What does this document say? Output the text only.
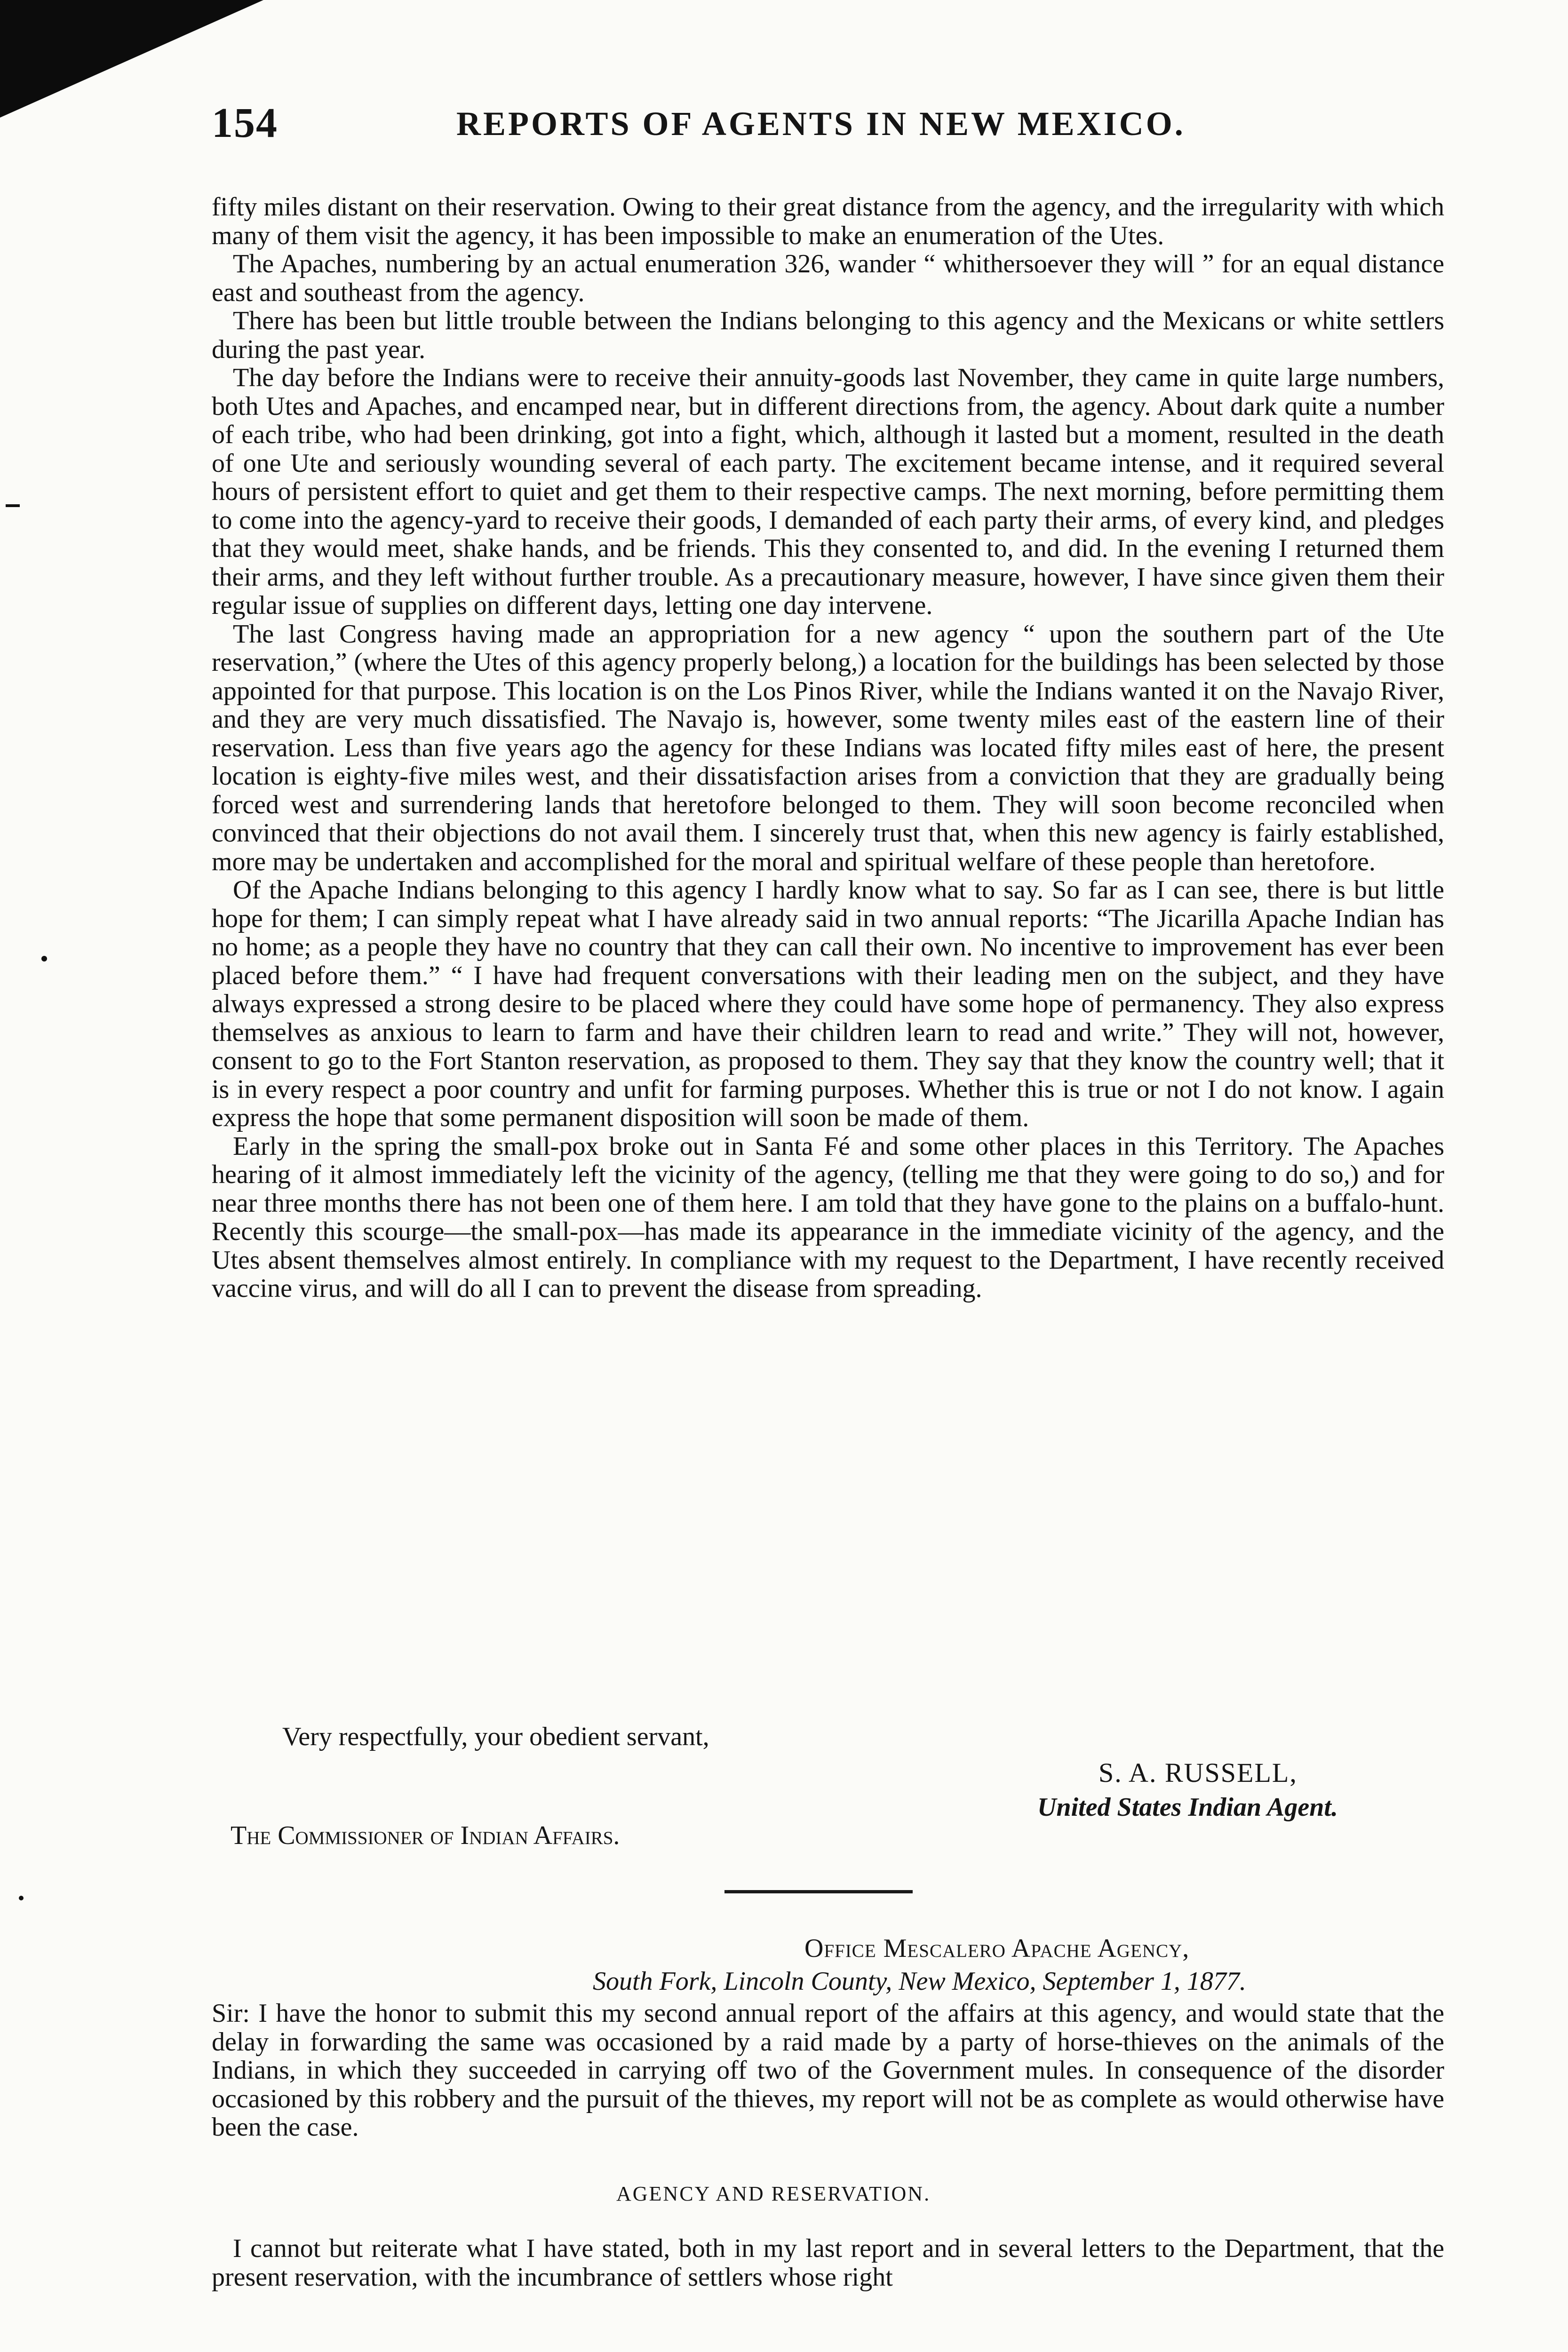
154	REPORTS OF AGENTS IN NEW MEXICO.

fifty miles distant on their reservation. Owing to their great distance from the agency, and the irregularity with which many of them visit the agency, it has been impossible to make an enumeration of the Utes.

The Apaches, numbering by an actual enumeration 326, wander “ whithersoever they will ” for an equal distance east and southeast from the agency.

There has been but little trouble between the Indians belonging to this agency and the Mexicans or white settlers during the past year.

The day before the Indians were to receive their annuity-goods last November, they came in quite large numbers, both Utes and Apaches, and encamped near, but in different directions from, the agency. About dark quite a number of each tribe, who had been drinking, got into a fight, which, although it lasted but a moment, resulted in the death of one Ute and seriously wounding several of each party. The excitement became intense, and it required several hours of persistent effort to quiet and get them to their respective camps. The next morning, before permitting them to come into the agency-yard to receive their goods, I demanded of each party their arms, of every kind, and pledges that they would meet, shake hands, and be friends. This they consented to, and did. In the evening I returned them their arms, and they left without further trouble. As a precautionary measure, however, I have since given them their regular issue of supplies on different days, letting one day intervene.

The last Congress having made an appropriation for a new agency “ upon the southern part of the Ute reservation,” (where the Utes of this agency properly belong,) a location for the buildings has been selected by those appointed for that purpose. This location is on the Los Pinos River, while the Indians wanted it on the Navajo River, and they are very much dissatisfied. The Navajo is, however, some twenty miles east of the eastern line of their reservation. Less than five years ago the agency for these Indians was located fifty miles east of here, the present location is eighty-five miles west, and their dissatisfaction arises from a conviction that they are gradually being forced west and surrendering lands that heretofore belonged to them. They will soon become reconciled when convinced that their objections do not avail them. I sincerely trust that, when this new agency is fairly established, more may be undertaken and accomplished for the moral and spiritual welfare of these people than heretofore.

Of the Apache Indians belonging to this agency I hardly know what to say. So far as I can see, there is but little hope for them; I can simply repeat what I have already said in two annual reports: “The Jicarilla Apache Indian has no home; as a people they have no country that they can call their own. No incentive to improvement has ever been placed before them.” “ I have had frequent conversations with their leading men on the subject, and they have always expressed a strong desire to be placed where they could have some hope of permanency. They also express themselves as anxious to learn to farm and have their children learn to read and write.” They will not, however, consent to go to the Fort Stanton reservation, as proposed to them. They say that they know the country well; that it is in every respect a poor country and unfit for farming purposes. Whether this is true or not I do not know. I again express the hope that some permanent disposition will soon be made of them.

Early in the spring the small-pox broke out in Santa Fé and some other places in this Territory. The Apaches hearing of it almost immediately left the vicinity of the agency, (telling me that they were going to do so,) and for near three months there has not been one of them here. I am told that they have gone to the plains on a buffalo-hunt. Recently this scourge—the small-pox—has made its appearance in the immediate vicinity of the agency, and the Utes absent themselves almost entirely. In compliance with my request to the Department, I have recently received vaccine virus, and will do all I can to prevent the disease from spreading.

Very respectfully, your obedient servant,
S. A. RUSSELL,
United States Indian Agent.
The Commissioner of Indian Affairs.
Office Mescalero Apache Agency,
South Fork, Lincoln County, New Mexico, September 1, 1877.

Sir: I have the honor to submit this my second annual report of the affairs at this agency, and would state that the delay in forwarding the same was occasioned by a raid made by a party of horse-thieves on the animals of the Indians, in which they succeeded in carrying off two of the Government mules. In consequence of the disorder occasioned by this robbery and the pursuit of the thieves, my report will not be as complete as would otherwise have been the case.

AGENCY AND RESERVATION.

I cannot but reiterate what I have stated, both in my last report and in several letters to the Department, that the present reservation, with the incumbrance of settlers whose right
